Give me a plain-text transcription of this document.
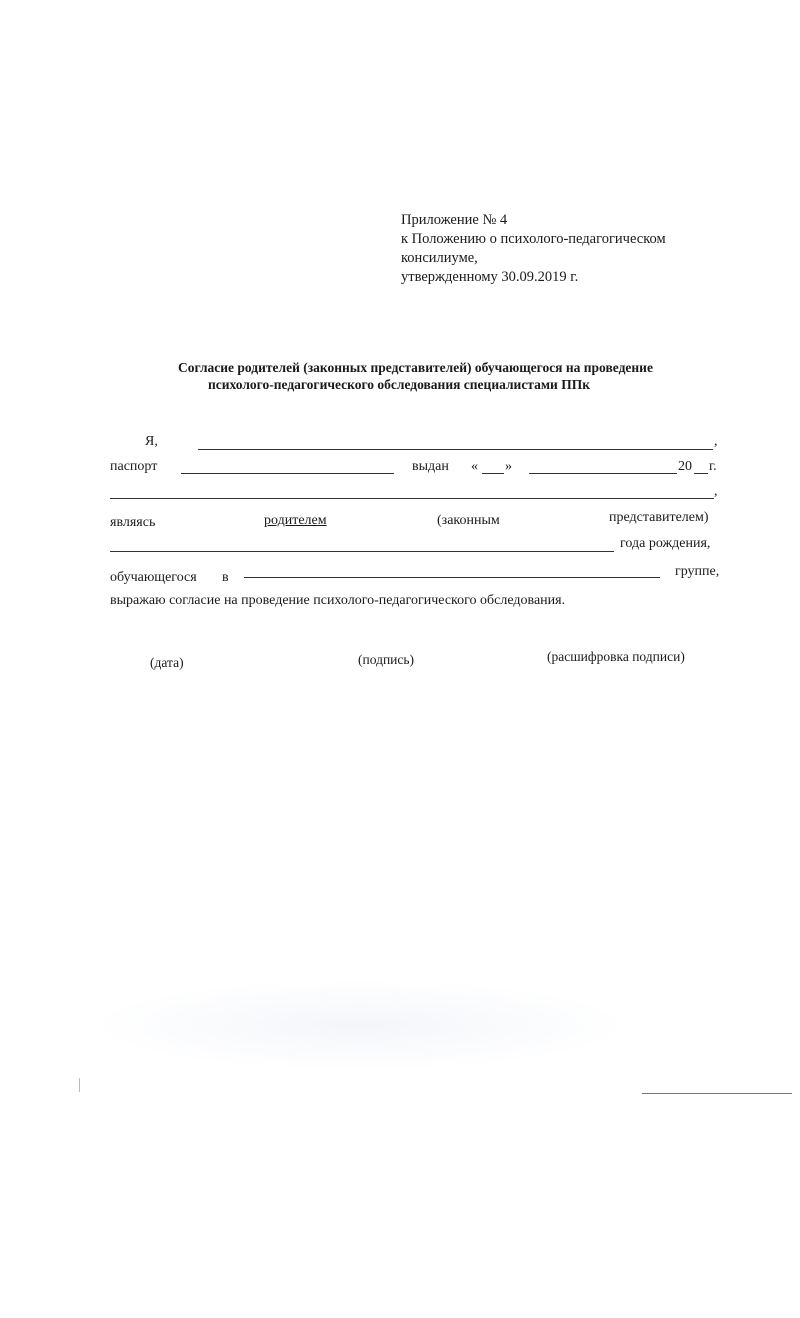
Приложение № 4
к Положению о психолого-педагогическом
консилиуме,
утвержденному 30.09.2019 г.
Согласие родителей (законных представителей) обучающегося на проведение
психолого-педагогического обследования специалистами ППк
Я,	,
паспорт	выдан « »	20 г.
,
являясь	родителем	(законным	представителем)
года рождения,
обучающегося в	группе,
выражаю согласие на проведение психолого-педагогического обследования.
(дата)	(подпись)	(расшифровка подписи)
